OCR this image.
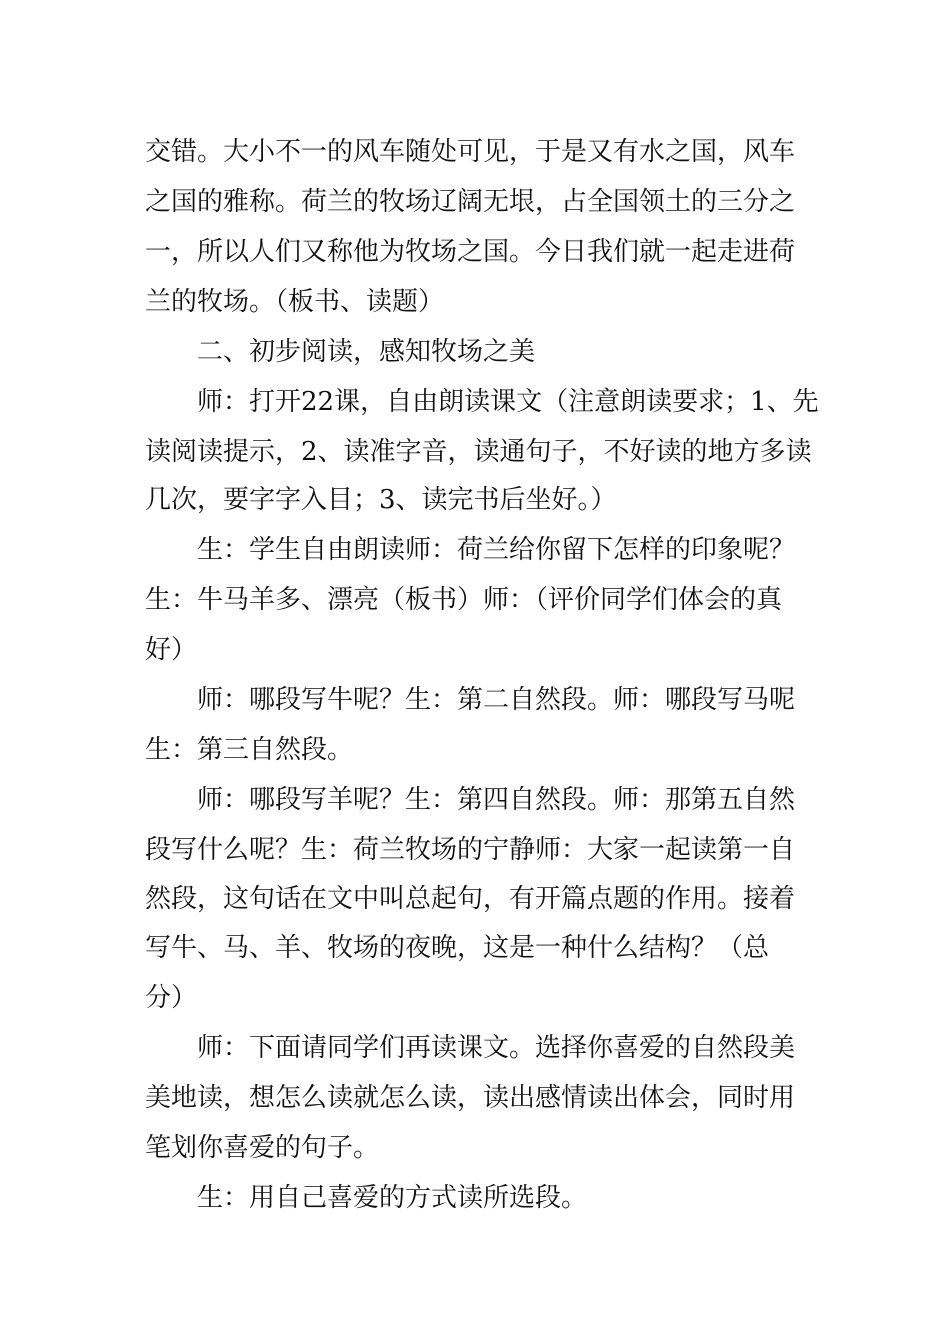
交错。大小不一的风车随处可见，于是又有水之国，风车
之国的雅称。荷兰的牧场辽阔无垠，占全国领土的三分之
一，所以人们又称他为牧场之国。今日我们就一起走进荷
兰的牧场。（板书、读题）
二、初步阅读，感知牧场之美
师：打开22课，自由朗读课文（注意朗读要求；1、先
读阅读提示，2、读准字音，读通句子，不好读的地方多读
几次，要字字入目；3、读完书后坐好。）
生：学生自由朗读师：荷兰给你留下怎样的印象呢？
生：牛马羊多、漂亮（板书）师：（评价同学们体会的真
好）
师：哪段写牛呢？生：第二自然段。师：哪段写马呢
生：第三自然段。
师：哪段写羊呢？生：第四自然段。师：那第五自然
段写什么呢？生：荷兰牧场的宁静师：大家一起读第一自
然段，这句话在文中叫总起句，有开篇点题的作用。接着
写牛、马、羊、牧场的夜晚，这是一种什么结构？（总
分）
师：下面请同学们再读课文。选择你喜爱的自然段美
美地读，想怎么读就怎么读，读出感情读出体会，同时用
笔划你喜爱的句子。
生：用自己喜爱的方式读所选段。
